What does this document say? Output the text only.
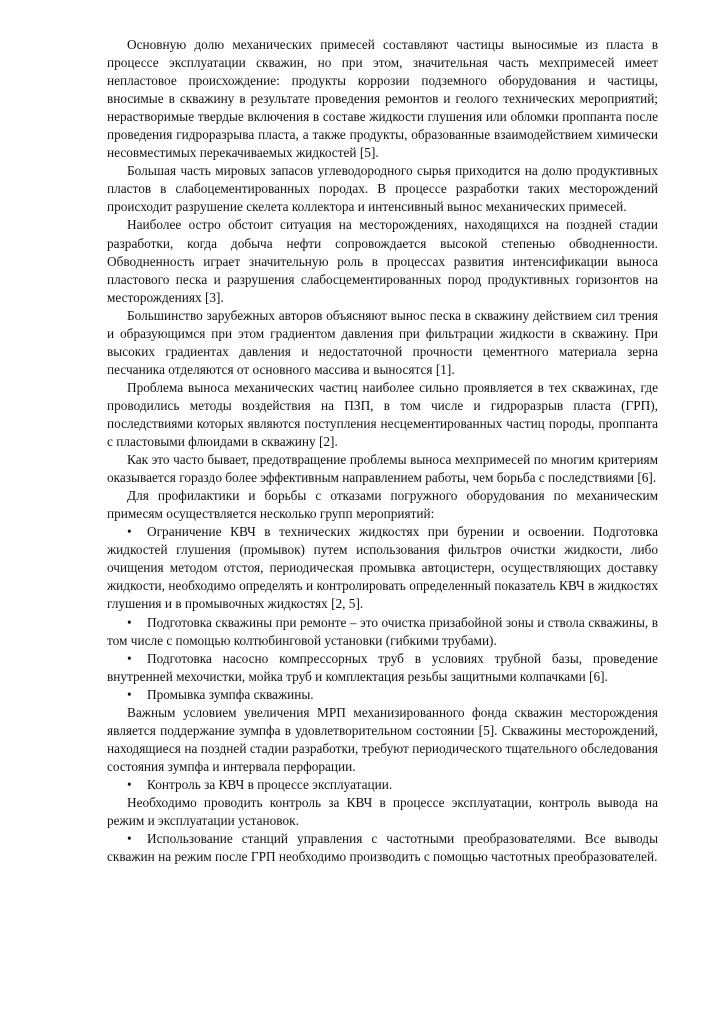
Основную долю механических примесей составляют частицы выносимые из пласта в процессе эксплуатации скважин, но при этом, значительная часть мехпримесей имеет непластовое происхождение: продукты коррозии подземного оборудования и частицы, вносимые в скважину в результате проведения ремонтов и геолого технических мероприятий; нерастворимые твердые включения в составе жидкости глушения или обломки проппанта после проведения гидроразрыва пласта, а также продукты, образованные взаимодействием химически несовместимых перекачиваемых жидкостей [5].

Большая часть мировых запасов углеводородного сырья приходится на долю продуктивных пластов в слабоцементированных породах. В процессе разработки таких месторождений происходит разрушение скелета коллектора и интенсивный вынос механических примесей.

Наиболее остро обстоит ситуация на месторождениях, находящихся на поздней стадии разработки, когда добыча нефти сопровождается высокой степенью обводненности. Обводненность играет значительную роль в процессах развития интенсификации выноса пластового песка и разрушения слабосцементированных пород продуктивных горизонтов на месторождениях [3].

Большинство зарубежных авторов объясняют вынос песка в скважину действием сил трения и образующимся при этом градиентом давления при фильтрации жидкости в скважину. При высоких градиентах давления и недостаточной прочности цементного материала зерна песчаника отделяются от основного массива и выносятся [1].

Проблема выноса механических частиц наиболее сильно проявляется в тех скважинах, где проводились методы воздействия на ПЗП, в том числе и гидроразрыв пласта (ГРП), последствиями которых являются поступления несцементированных частиц породы, проппанта с пластовыми флюидами в скважину [2].

Как это часто бывает, предотвращение проблемы выноса мехпримесей по многим критериям оказывается гораздо более эффективным направлением работы, чем борьба с последствиями [6].

Для профилактики и борьбы с отказами погружного оборудования по механическим примесям осуществляется несколько групп мероприятий:

• Ограничение КВЧ в технических жидкостях при бурении и освоении. Подготовка жидкостей глушения (промывок) путем использования фильтров очистки жидкости, либо очищения методом отстоя, периодическая промывка автоцистерн, осуществляющих доставку жидкости, необходимо определять и контролировать определенный показатель КВЧ в жидкостях глушения и в промывочных жидкостях [2, 5].

• Подготовка скважины при ремонте – это очистка призабойной зоны и ствола скважины, в том числе с помощью колтюбинговой установки (гибкими трубами).

• Подготовка насосно компрессорных труб в условиях трубной базы, проведение внутренней мехочистки, мойка труб и комплектация резьбы защитными колпачками [6].

• Промывка зумпфа скважины.

Важным условием увеличения МРП механизированного фонда скважин месторождения является поддержание зумпфа в удовлетворительном состоянии [5]. Скважины месторождений, находящиеся на поздней стадии разработки, требуют периодического тщательного обследования состояния зумпфа и интервала перфорации.

• Контроль за КВЧ в процессе эксплуатации.

Необходимо проводить контроль за КВЧ в процессе эксплуатации, контроль вывода на режим и эксплуатации установок.

• Использование станций управления с частотными преобразователями. Все выводы скважин на режим после ГРП необходимо производить с помощью частотных преобразователей.
